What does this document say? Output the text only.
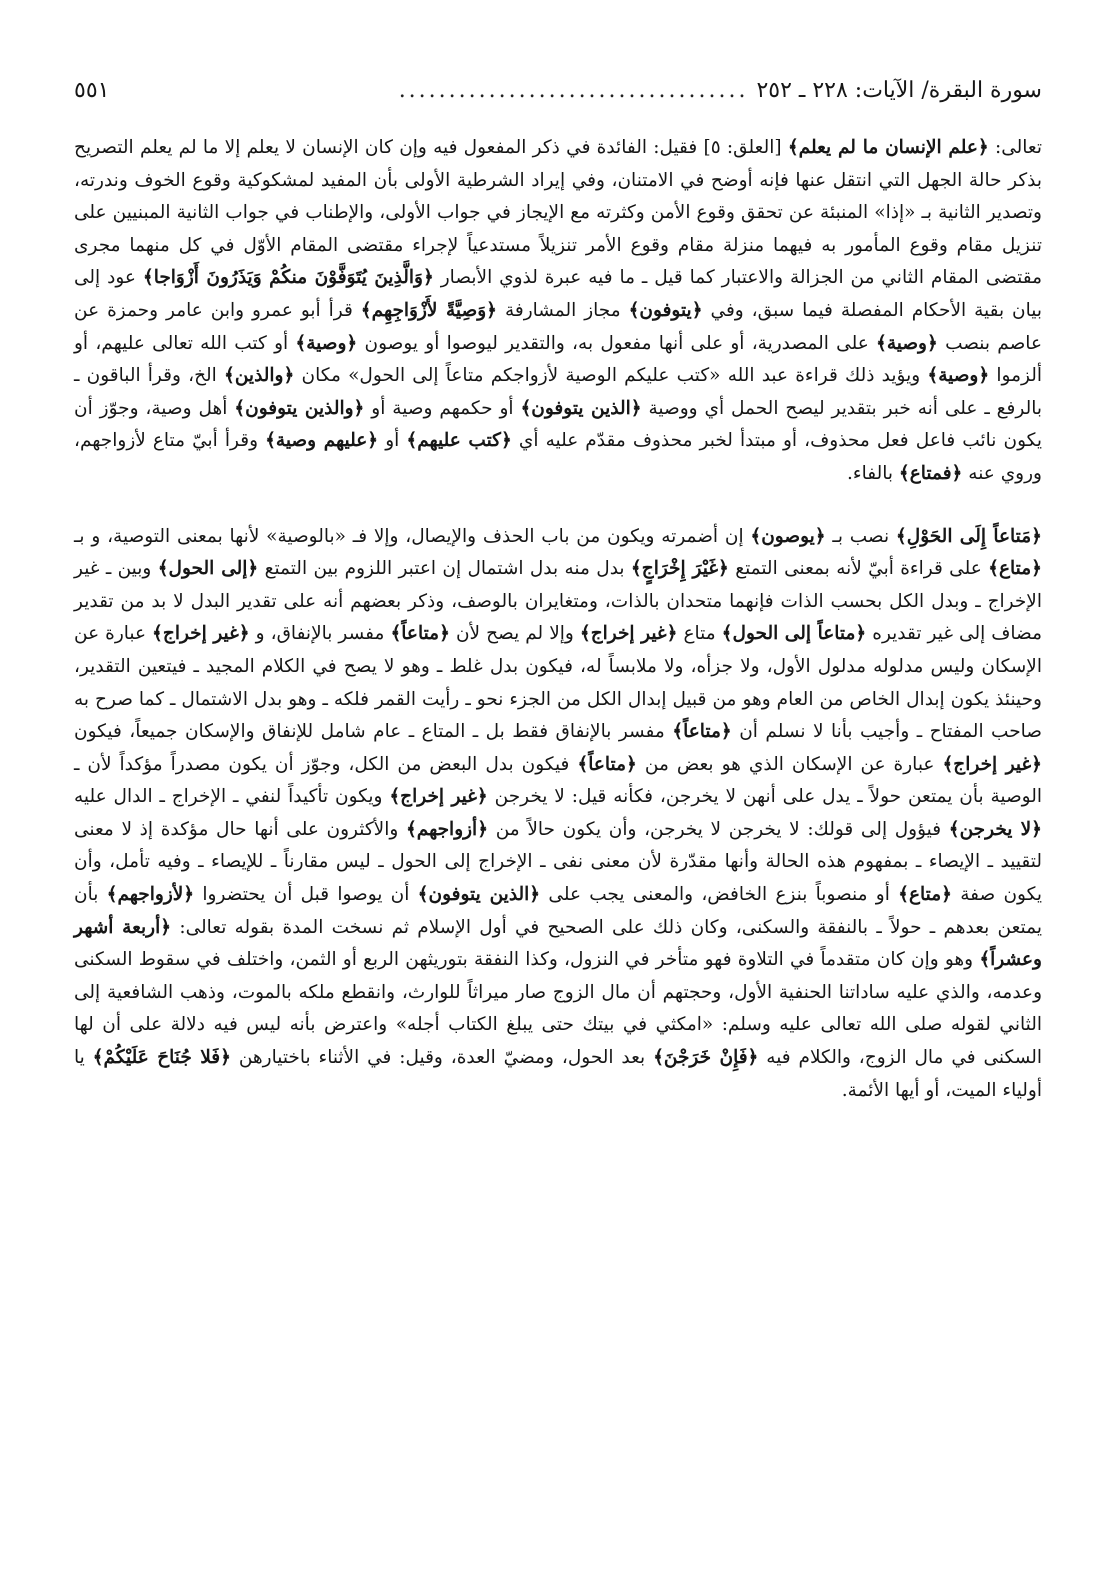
سورة البقرة/ الآيات: ٢٢٨ ـ ٢٥٢
...................................
٥٥١

تعالى: ﴿علم الإنسان ما لم يعلم﴾ [العلق: ٥] فقيل: الفائدة في ذكر المفعول فيه وإن كان الإنسان لا يعلم إلا ما لم يعلم التصريح بذكر حالة الجهل التي انتقل عنها فإنه أوضح في الامتنان، وفي إيراد الشرطية الأولى بأن المفيد لمشكوكية وقوع الخوف وندرته، وتصدير الثانية بـ «إذا» المنبئة عن تحقق وقوع الأمن وكثرته مع الإيجاز في جواب الأولى، والإطناب في جواب الثانية المبنيين على تنزيل مقام وقوع المأمور به فيهما منزلة مقام وقوع الأمر تنزيلاً مستدعياً لإجراء مقتضى المقام الأوّل في كل منهما مجرى مقتضى المقام الثاني من الجزالة والاعتبار كما قيل ـ ما فيه عبرة لذوي الأبصار ﴿وَالَّذِينَ يُتَوَفَّوْنَ منكُمْ وَيَذَرُونَ أَزْوَاجا﴾ عود إلى بيان بقية الأحكام المفصلة فيما سبق، وفي ﴿يتوفون﴾ مجاز المشارفة ﴿وَصِيَّةً لأَزْوَاجِهِم﴾ قرأ أبو عمرو وابن عامر وحمزة عن عاصم بنصب ﴿وصية﴾ على المصدرية، أو على أنها مفعول به، والتقدير ليوصوا أو يوصون ﴿وصية﴾ أو كتب الله تعالى عليهم، أو ألزموا ﴿وصية﴾ ويؤيد ذلك قراءة عبد الله «كتب عليكم الوصية لأزواجكم متاعاً إلى الحول» مكان ﴿والذين﴾ الخ، وقرأ الباقون ـ بالرفع ـ على أنه خبر بتقدير ليصح الحمل أي ووصية ﴿الذين يتوفون﴾ أو حكمهم وصية أو ﴿والذين يتوفون﴾ أهل وصية، وجوّز أن يكون نائب فاعل فعل محذوف، أو مبتدأ لخبر محذوف مقدّم عليه أي ﴿كتب عليهم﴾ أو ﴿عليهم وصية﴾ وقرأ أبيّ متاع لأزواجهم، وروي عنه ﴿فمتاع﴾ بالفاء.

﴿مَتاعاً إِلَى الحَوْلِ﴾ نصب بـ ﴿يوصون﴾ إن أضمرته ويكون من باب الحذف والإيصال، وإلا فـ «بالوصية» لأنها بمعنى التوصية، و بـ ﴿متاع﴾ على قراءة أبيّ لأنه بمعنى التمتع ﴿غَيْرَ إِخْرَاجٍ﴾ بدل منه بدل اشتمال إن اعتبر اللزوم بين التمتع ﴿إلى الحول﴾ وبين ـ غير الإخراج ـ وبدل الكل بحسب الذات فإنهما متحدان بالذات، ومتغايران بالوصف، وذكر بعضهم أنه على تقدير البدل لا بد من تقدير مضاف إلى غير تقديره ﴿متاعاً إلى الحول﴾ متاع ﴿غير إخراج﴾ وإلا لم يصح لأن ﴿متاعاً﴾ مفسر بالإنفاق، و ﴿غير إخراج﴾ عبارة عن الإسكان وليس مدلوله مدلول الأول، ولا جزأه، ولا ملابساً له، فيكون بدل غلط ـ وهو لا يصح في الكلام المجيد ـ فيتعين التقدير، وحينئذ يكون إبدال الخاص من العام وهو من قبيل إبدال الكل من الجزء نحو ـ رأيت القمر فلكه ـ وهو بدل الاشتمال ـ كما صرح به صاحب المفتاح ـ وأجيب بأنا لا نسلم أن ﴿متاعاً﴾ مفسر بالإنفاق فقط بل ـ المتاع ـ عام شامل للإنفاق والإسكان جميعاً، فيكون ﴿غير إخراج﴾ عبارة عن الإسكان الذي هو بعض من ﴿متاعاً﴾ فيكون بدل البعض من الكل، وجوّز أن يكون مصدراً مؤكداً لأن ـ الوصية بأن يمتعن حولاً ـ يدل على أنهن لا يخرجن، فكأنه قيل: لا يخرجن ﴿غير إخراج﴾ ويكون تأكيداً لنفي ـ الإخراج ـ الدال عليه ﴿لا يخرجن﴾ فيؤول إلى قولك: لا يخرجن لا يخرجن، وأن يكون حالاً من ﴿أزواجهم﴾ والأكثرون على أنها حال مؤكدة إذ لا معنى لتقييد ـ الإيصاء ـ بمفهوم هذه الحالة وأنها مقدّرة لأن معنى نفى ـ الإخراج إلى الحول ـ ليس مقارناً ـ للإيصاء ـ وفيه تأمل، وأن يكون صفة ﴿متاع﴾ أو منصوباً بنزع الخافض، والمعنى يجب على ﴿الذين يتوفون﴾ أن يوصوا قبل أن يحتضروا ﴿لأزواجهم﴾ بأن يمتعن بعدهم ـ حولاً ـ بالنفقة والسكنى، وكان ذلك على الصحيح في أول الإسلام ثم نسخت المدة بقوله تعالى: ﴿أربعة أشهر وعشراً﴾ وهو وإن كان متقدماً في التلاوة فهو متأخر في النزول، وكذا النفقة بتوريثهن الربع أو الثمن، واختلف في سقوط السكنى وعدمه، والذي عليه ساداتنا الحنفية الأول، وحجتهم أن مال الزوج صار ميراثاً للوارث، وانقطع ملكه بالموت، وذهب الشافعية إلى الثاني لقوله صلى الله تعالى عليه وسلم: «امكثي في بيتك حتى يبلغ الكتاب أجله» واعترض بأنه ليس فيه دلالة على أن لها السكنى في مال الزوج، والكلام فيه ﴿فَإِنْ خَرَجْنَ﴾ بعد الحول، ومضيّ العدة، وقيل: في الأثناء باختيارهن ﴿فَلا جُنَاحَ عَلَيْكُمْ﴾ يا أولياء الميت، أو أيها الأئمة.
